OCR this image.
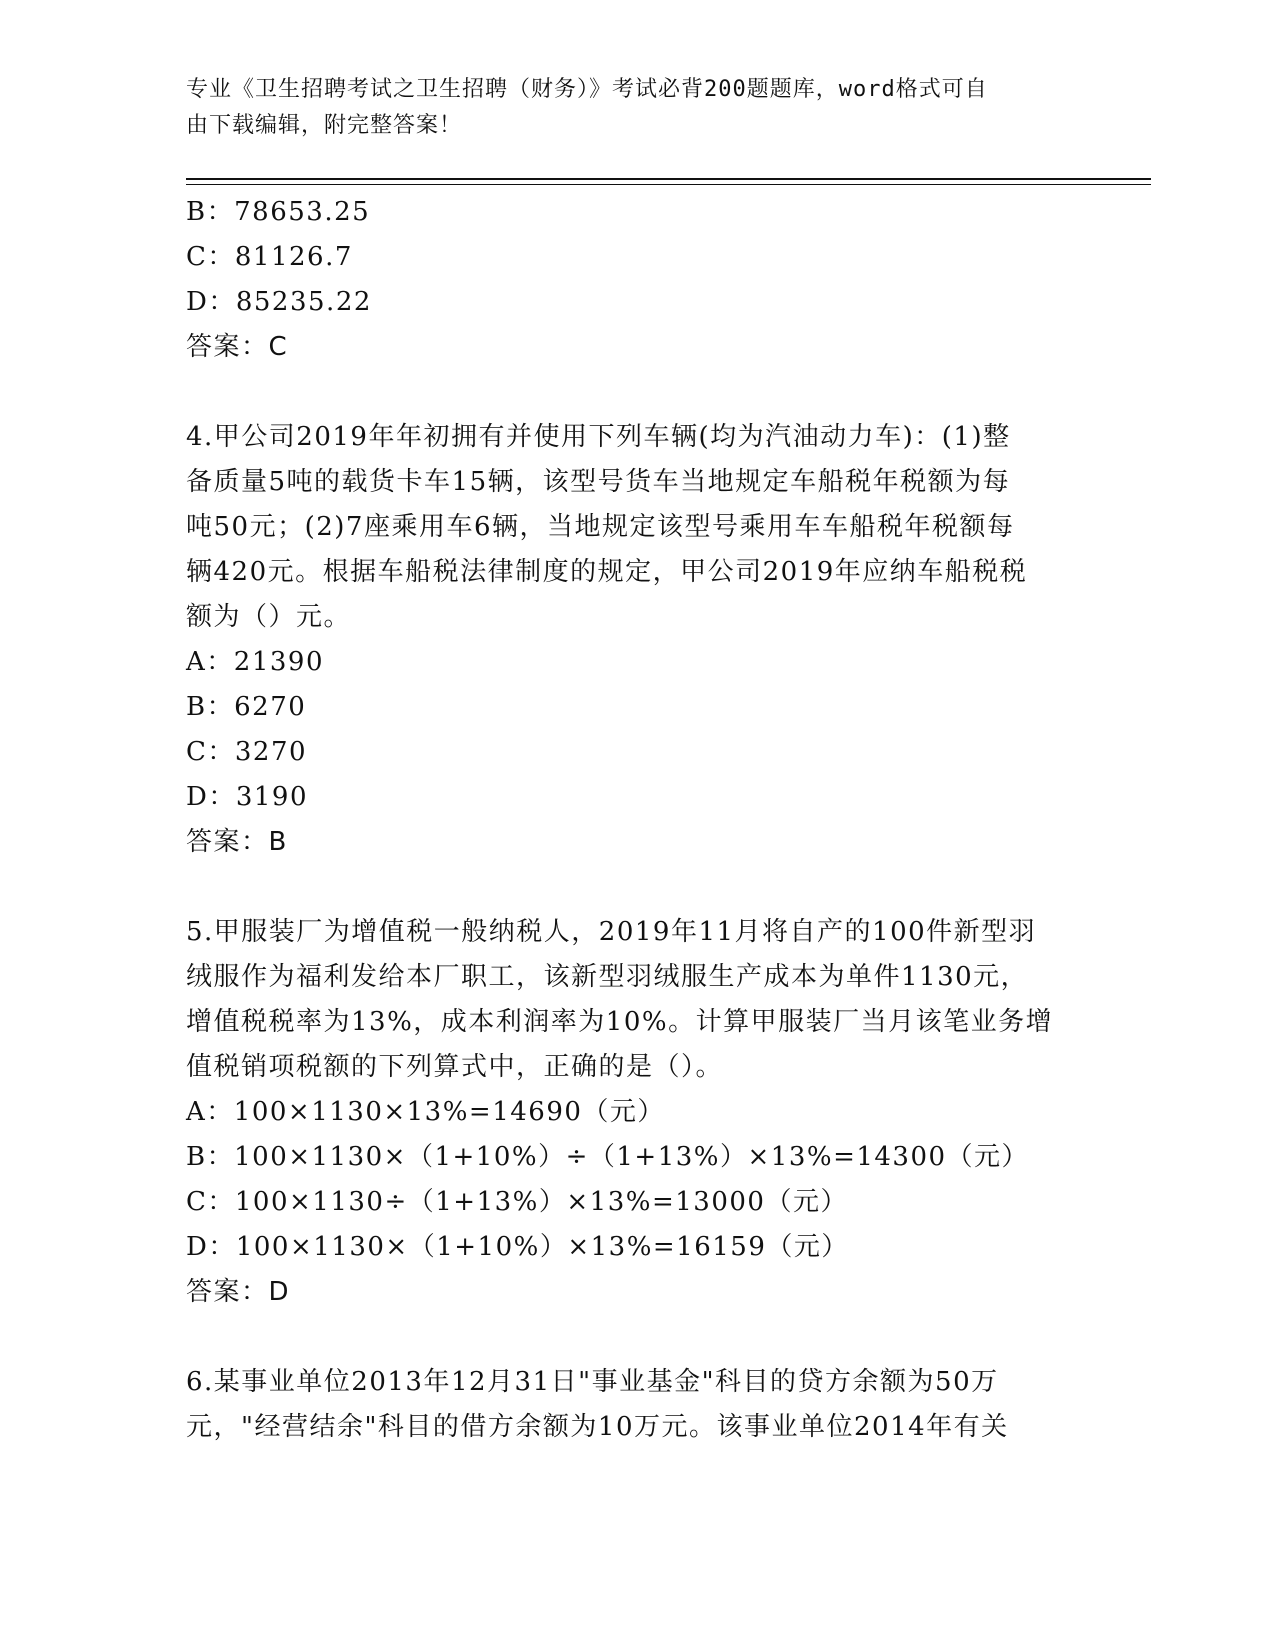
专业《卫生招聘考试之卫生招聘（财务）》考试必背200题题库，word格式可自
由下载编辑，附完整答案！
B：78653.25
C：81126.7
D：85235.22
答案：C
4.甲公司2019年年初拥有并使用下列车辆(均为汽油动力车)：(1)整
备质量5吨的载货卡车15辆，该型号货车当地规定车船税年税额为每
吨50元；(2)7座乘用车6辆，当地规定该型号乘用车车船税年税额每
辆420元。根据车船税法律制度的规定，甲公司2019年应纳车船税税
额为（）元。
A：21390
B：6270
C：3270
D：3190
答案：B
5.甲服装厂为增值税一般纳税人，2019年11月将自产的100件新型羽
绒服作为福利发给本厂职工，该新型羽绒服生产成本为单件1130元，
增值税税率为13%，成本利润率为10%。计算甲服装厂当月该笔业务增
值税销项税额的下列算式中，正确的是（）。
A：100×1130×13%=14690（元）
B：100×1130×（1+10%）÷（1+13%）×13%=14300（元）
C：100×1130÷（1+13%）×13%=13000（元）
D：100×1130×（1+10%）×13%=16159（元）
答案：D
6.某事业单位2013年12月31日"事业基金"科目的贷方余额为50万
元，"经营结余"科目的借方余额为10万元。该事业单位2014年有关
